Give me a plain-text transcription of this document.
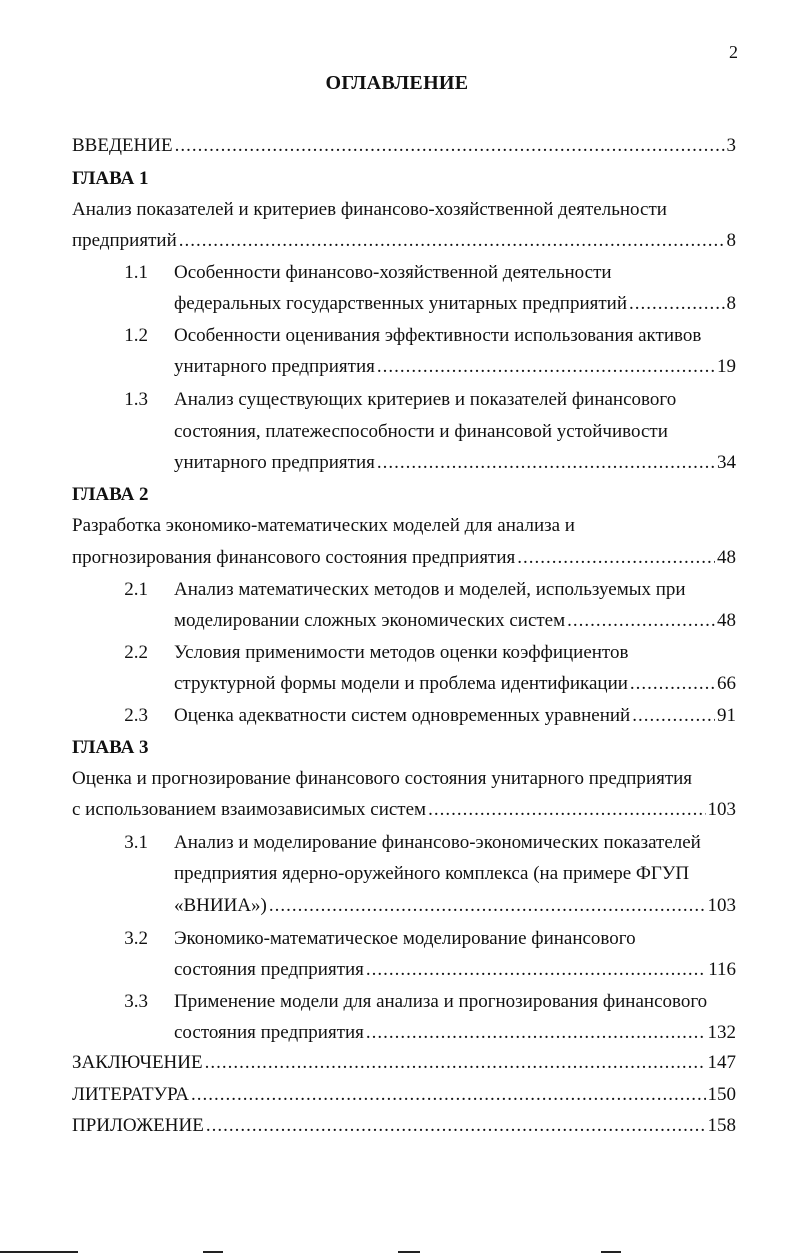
2
ОГЛАВЛЕНИЕ
ВВЕДЕНИЕ .....	3
ГЛАВА 1
Анализ показателей и критериев финансово-хозяйственной деятельности
предприятий .....	8
1.1 Особенности финансово-хозяйственной деятельности
федеральных государственных унитарных предприятий .....	8
1.2 Особенности оценивания эффективности использования активов
унитарного предприятия .....	19
1.3 Анализ существующих критериев и показателей финансового
состояния, платежеспособности и финансовой устойчивости
унитарного предприятия .....	34
ГЛАВА 2
Разработка экономико-математических моделей для анализа и
прогнозирования финансового состояния предприятия .....	48
2.1 Анализ математических методов и моделей, используемых при
моделировании сложных экономических систем .....	48
2.2 Условия применимости методов оценки коэффициентов
структурной формы модели и проблема идентификации .....	66
2.3 Оценка адекватности систем одновременных уравнений .....	91
ГЛАВА 3
Оценка и прогнозирование финансового состояния унитарного предприятия
с использованием взаимозависимых систем .....	103
3.1 Анализ и моделирование финансово-экономических показателей
предприятия ядерно-оружейного комплекса (на примере ФГУП
«ВНИИА») .....	103
3.2 Экономико-математическое моделирование финансового
состояния предприятия .....	116
3.3 Применение модели для анализа и прогнозирования финансового
состояния предприятия .....	132
ЗАКЛЮЧЕНИЕ .....	147
ЛИТЕРАТУРА .....	150
ПРИЛОЖЕНИЕ .....	158
